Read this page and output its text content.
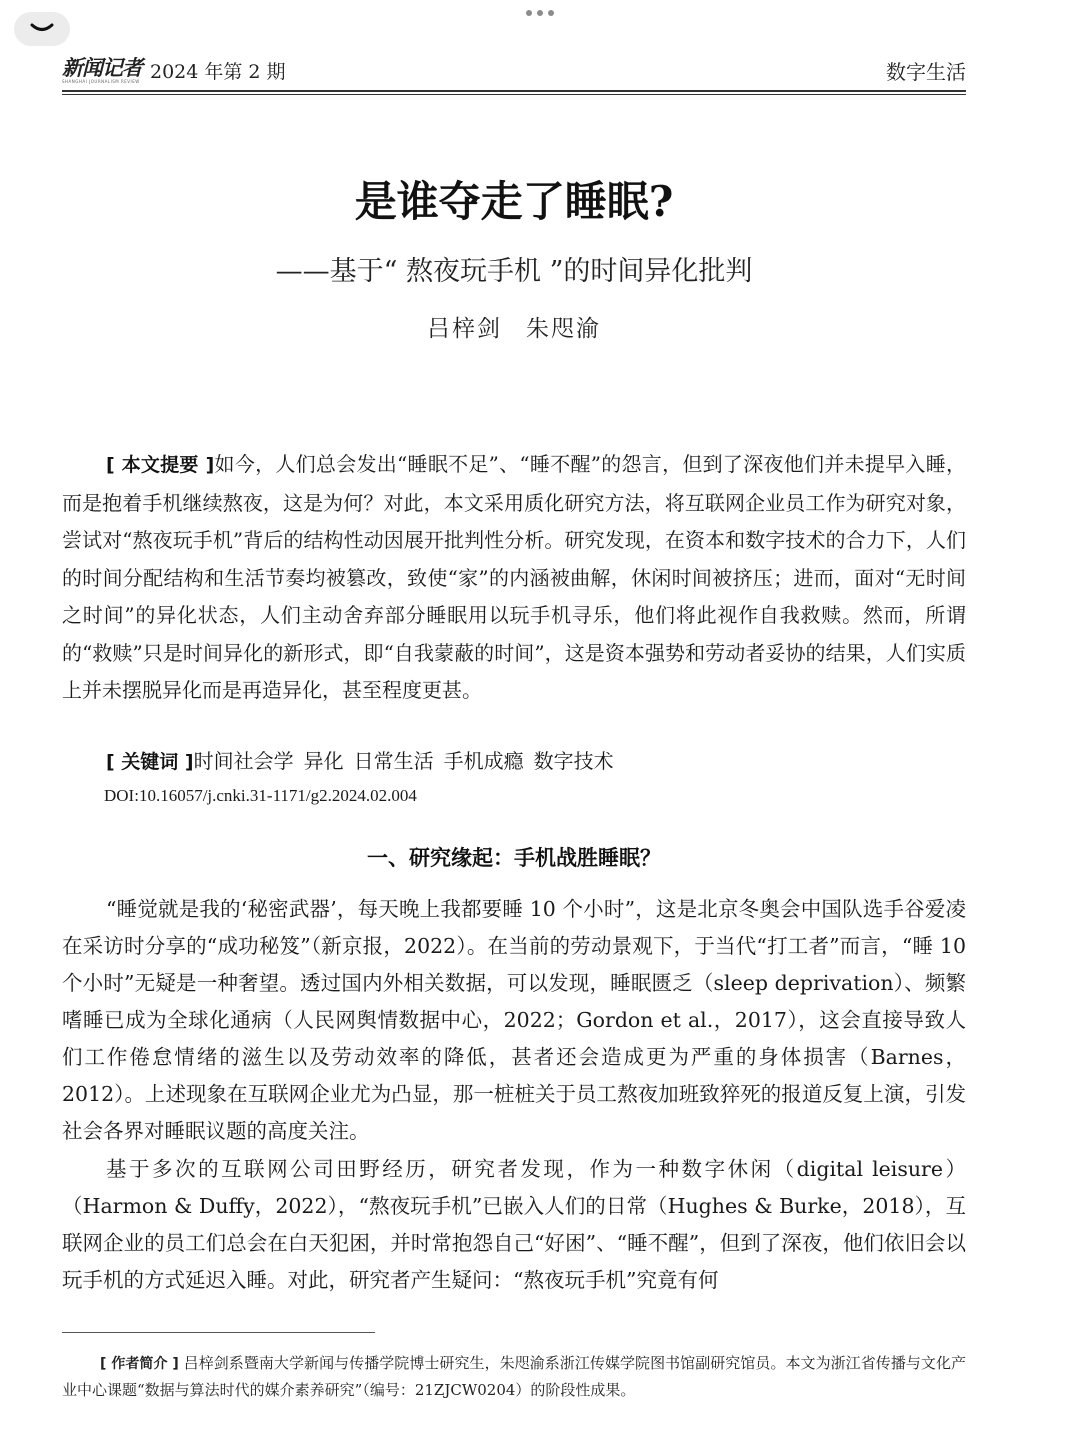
新闻记者
SHANGHAI JOURNALISM REVIEW 2024 年第 2 期	数字生活
是谁夺走了睡眠?
——基于“ 熬夜玩手机 ”的时间异化批判
吕梓剑 朱咫渝

[ 本文提要 ]如今，人们总会发出“睡眠不足”、“睡不醒”的怨言，但到了深夜他们并未提早入睡，而是抱着手机继续熬夜，这是为何？对此，本文采用质化研究方法，将互联网企业员工作为研究对象，尝试对“熬夜玩手机”背后的结构性动因展开批判性分析。研究发现，在资本和数字技术的合力下，人们的时间分配结构和生活节奏均被篡改，致使“家”的内涵被曲解，休闲时间被挤压；进而，面对“无时间之时间”的异化状态，人们主动舍弃部分睡眠用以玩手机寻乐，他们将此视作自我救赎。然而，所谓的“救赎”只是时间异化的新形式，即“自我蒙蔽的时间”，这是资本强势和劳动者妥协的结果，人们实质上并未摆脱异化而是再造异化，甚至程度更甚。

[ 关键词 ]时间社会学 异化 日常生活 手机成瘾 数字技术

DOI:10.16057/j.cnki.31-1171/g2.2024.02.004
一、研究缘起：手机战胜睡眠？

“睡觉就是我的‘秘密武器’，每天晚上我都要睡 10 个小时”，这是北京冬奥会中国队选手谷爱凌在采访时分享的“成功秘笈”（新京报，2022）。在当前的劳动景观下，于当代“打工者”而言，“睡 10 个小时”无疑是一种奢望。透过国内外相关数据，可以发现，睡眠匮乏（sleep deprivation）、频繁嗜睡已成为全球化通病（人民网舆情数据中心，2022；Gordon et al.，2017），这会直接导致人们工作倦怠情绪的滋生以及劳动效率的降低，甚者还会造成更为严重的身体损害（Barnes，2012）。上述现象在互联网企业尤为凸显，那一桩桩关于员工熬夜加班致猝死的报道反复上演，引发社会各界对睡眠议题的高度关注。

基于多次的互联网公司田野经历，研究者发现，作为一种数字休闲（digital leisure）（Harmon & Duffy，2022），“熬夜玩手机”已嵌入人们的日常（Hughes & Burke，2018），互联网企业的员工们总会在白天犯困，并时常抱怨自己“好困”、“睡不醒”，但到了深夜，他们依旧会以玩手机的方式延迟入睡。对此，研究者产生疑问：“熬夜玩手机”究竟有何

[ 作者简介 ] 吕梓剑系暨南大学新闻与传播学院博士研究生，朱咫渝系浙江传媒学院图书馆副研究馆员。本文为浙江省传播与文化产业中心课题“数据与算法时代的媒介素养研究”（编号：21ZJCW0204）的阶段性成果。
